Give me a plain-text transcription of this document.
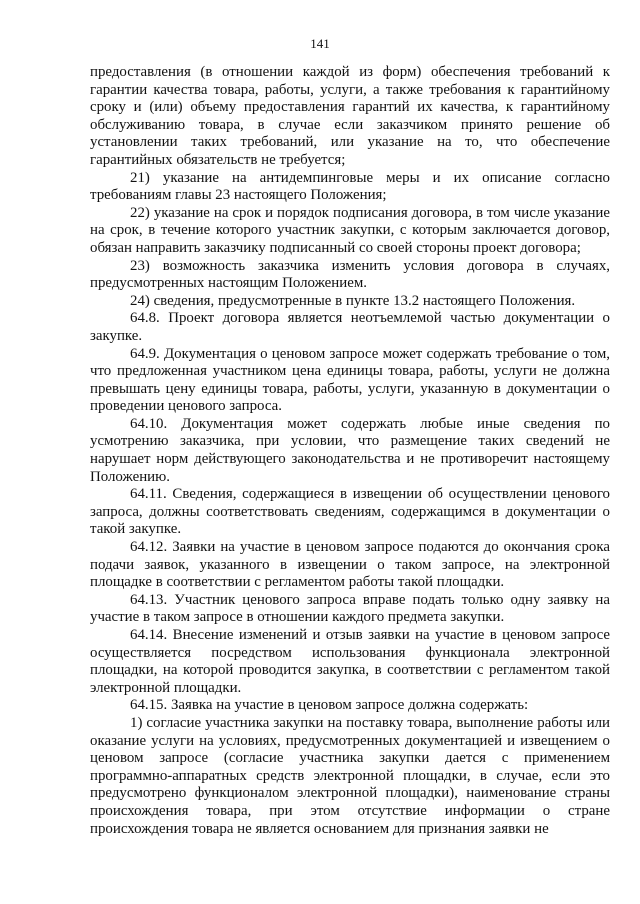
141

предоставления (в отношении каждой из форм) обеспечения требований к гарантии качества товара, работы, услуги, а также требования к гарантийному сроку и (или) объему предоставления гарантий их качества, к гарантийному обслуживанию товара, в случае если заказчиком принято решение об установлении таких требований, или указание на то, что обеспечение гарантийных обязательств не требуется;

21) указание на антидемпинговые меры и их описание согласно требованиям главы 23 настоящего Положения;

22) указание на срок и порядок подписания договора, в том числе указание на срок, в течение которого участник закупки, с которым заключается договор, обязан направить заказчику подписанный со своей стороны проект договора;

23) возможность заказчика изменить условия договора в случаях, предусмотренных настоящим Положением.

24) сведения, предусмотренные в пункте 13.2 настоящего Положения.

64.8. Проект договора является неотъемлемой частью документации о закупке.

64.9. Документация о ценовом запросе может содержать требование о том, что предложенная участником цена единицы товара, работы, услуги не должна превышать цену единицы товара, работы, услуги, указанную в документации о проведении ценового запроса.

64.10. Документация может содержать любые иные сведения по усмотрению заказчика, при условии, что размещение таких сведений не нарушает норм действующего законодательства и не противоречит настоящему Положению.

64.11. Сведения, содержащиеся в извещении об осуществлении ценового запроса, должны соответствовать сведениям, содержащимся в документации о такой закупке.

64.12. Заявки на участие в ценовом запросе подаются до окончания срока подачи заявок, указанного в извещении о таком запросе, на электронной площадке в соответствии с регламентом работы такой площадки.

64.13. Участник ценового запроса вправе подать только одну заявку на участие в таком запросе в отношении каждого предмета закупки.

64.14. Внесение изменений и отзыв заявки на участие в ценовом запросе осуществляется посредством использования функционала электронной площадки, на которой проводится закупка, в соответствии с регламентом такой электронной площадки.

64.15. Заявка на участие в ценовом запросе должна содержать:

1) согласие участника закупки на поставку товара, выполнение работы или оказание услуги на условиях, предусмотренных документацией и извещением о ценовом запросе (согласие участника закупки дается с применением программно-аппаратных средств электронной площадки, в случае, если это предусмотрено функционалом электронной площадки), наименование страны происхождения товара, при этом отсутствие информации о стране происхождения товара не является основанием для признания заявки не
